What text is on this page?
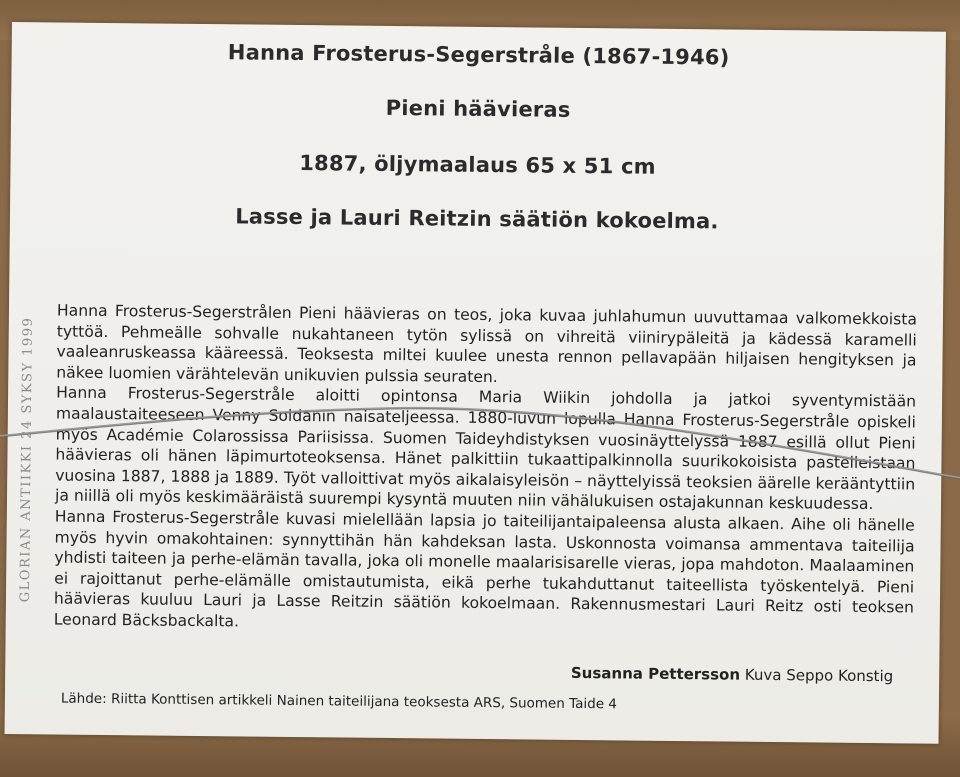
Hanna Frosterus-Segerstråle (1867-1946)
Pieni häävieras
1887, öljymaalaus 65 x 51 cm
Lasse ja Lauri Reitzin säätiön kokoelma.
GLORIAN ANTIIKKI 24 SYKSY 1999

Hanna Frosterus-Segerstrålen Pieni häävieras on teos, joka kuvaa juhlahumun uuvuttamaa valkomekkoista tyttöä. Pehmeälle sohvalle nukahtaneen tytön sylissä on vihreitä viinirypäleitä ja kädessä karamelli vaaleanruskeassa kääreessä. Teoksesta miltei kuulee unesta rennon pellavapään hiljaisen hengityksen ja näkee luomien värähtelevän unikuvien pulssia seuraten.

Hanna Frosterus-Segerstråle aloitti opintonsa Maria Wiikin johdolla ja jatkoi syventymistään maalaustaiteeseen Venny Soldanin naisateljeessa. 1880-luvun lopulla Hanna Frosterus-Segerstråle opiskeli myös Académie Colarossissa Pariisissa. Suomen Taideyhdistyksen vuosinäyttelyssä 1887 esillä ollut Pieni häävieras oli hänen läpimurtoteoksensa. Hänet palkittiin tukaattipalkinnolla suurikokoisista pastelleistaan vuosina 1887, 1888 ja 1889. Työt valloittivat myös aikalaisyleisön – näyttelyissä teoksien äärelle kerääntyttiin ja niillä oli myös keskimääräistä suurempi kysyntä muuten niin vähälukuisen ostajakunnan keskuudessa.

Hanna Frosterus-Segerstråle kuvasi mielellään lapsia jo taiteilijantaipaleensa alusta alkaen. Aihe oli hänelle myös hyvin omakohtainen: synnyttihän hän kahdeksan lasta. Uskonnosta voimansa ammentava taiteilija yhdisti taiteen ja perhe-elämän tavalla, joka oli monelle maalarisisarelle vieras, jopa mahdoton. Maalaaminen ei rajoittanut perhe-elämälle omistautumista, eikä perhe tukahduttanut taiteellista työskentelyä. Pieni häävieras kuuluu Lauri ja Lasse Reitzin säätiön kokoelmaan. Rakennusmestari Lauri Reitz osti teoksen Leonard Bäcksbackalta.

Susanna Pettersson Kuva Seppo Konstig
Lähde: Riitta Konttisen artikkeli Nainen taiteilijana teoksesta ARS, Suomen Taide 4
